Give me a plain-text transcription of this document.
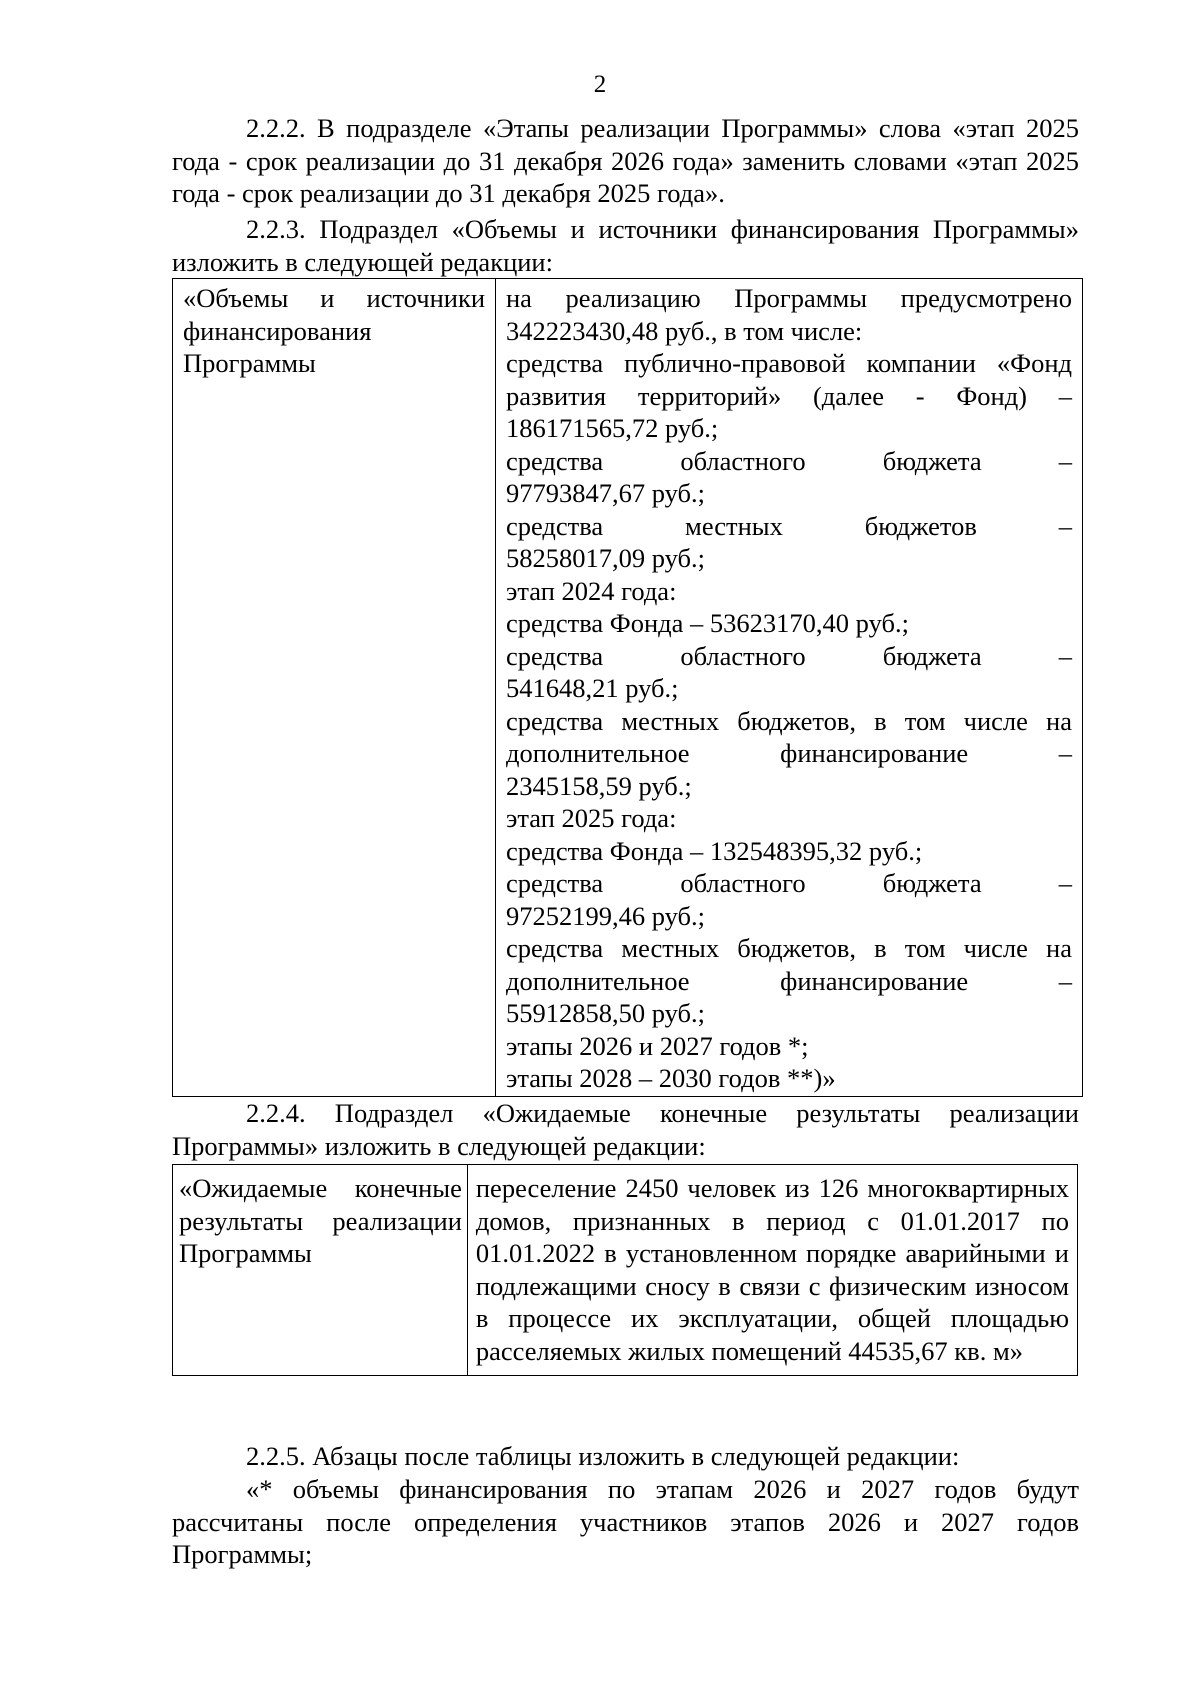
2
2.2.2. В подразделе «Этапы реализации Программы» слова «этап 2025 года - срок реализации до 31 декабря 2026 года» заменить словами «этап 2025 года - срок реализации до 31 декабря 2025 года».
2.2.3. Подраздел «Объемы и источники финансирования Программы» изложить в следующей редакции:
«Объемы и источники финансирования Программы

на реализацию Программы предусмотрено
342223430,48 руб., в том числе:
средства публично-правовой компании «Фонд
развития территорий» (далее - Фонд) –
186171565,72 руб.;
средства областного бюджета –
97793847,67 руб.;
средства местных бюджетов –
58258017,09 руб.;
этап 2024 года:
средства Фонда – 53623170,40 руб.;
средства областного бюджета –
541648,21 руб.;
средства местных бюджетов, в том числе на
дополнительное финансирование –
2345158,59 руб.;
этап 2025 года:
средства Фонда – 132548395,32 руб.;
средства областного бюджета –
97252199,46 руб.;
средства местных бюджетов, в том числе на
дополнительное финансирование –
55912858,50 руб.;
этапы 2026 и 2027 годов *;
этапы 2028 – 2030 годов **)»
2.2.4. Подраздел «Ожидаемые конечные результаты реализации Программы» изложить в следующей редакции:
«Ожидаемые конечные результаты реализации Программы

переселение 2450 человек из 126 многоквартирных домов, признанных в период с 01.01.2017 по 01.01.2022 в установленном порядке аварийными и подлежащими сносу в связи с физическим износом в процессе их эксплуатации, общей площадью расселяемых жилых помещений 44535,67 кв. м»
2.2.5. Абзацы после таблицы изложить в следующей редакции:
«* объемы финансирования по этапам 2026 и 2027 годов будут рассчитаны после определения участников этапов 2026 и 2027 годов Программы;
